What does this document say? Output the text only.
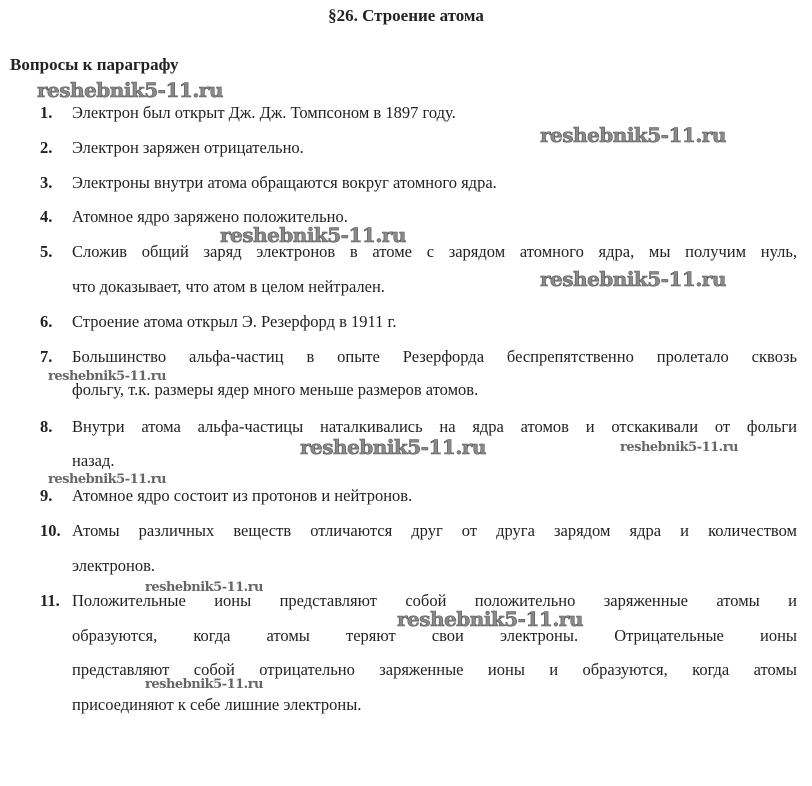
§26. Строение атома
Вопросы к параграфу
1. Электрон был открыт Дж. Дж. Томпсоном в 1897 году.
2. Электрон заряжен отрицательно.
3. Электроны внутри атома обращаются вокруг атомного ядра.
4. Атомное ядро заряжено положительно.
5. Сложив общий заряд электронов в атоме с зарядом атомного ядра, мы получим нуль,
что доказывает, что атом в целом нейтрален.
6. Строение атома открыл Э. Резерфорд в 1911 г.
7. Большинство альфа-частиц в опыте Резерфорда беспрепятственно пролетало сквозь
фольгу, т.к. размеры ядер много меньше размеров атомов.
8. Внутри атома альфа-частицы наталкивались на ядра атомов и отскакивали от фольги
назад.
9. Атомное ядро состоит из протонов и нейтронов.
10. Атомы различных веществ отличаются друг от друга зарядом ядра и количеством
электронов.
11. Положительные ионы представляют собой положительно заряженные атомы и
образуются, когда атомы теряют свои электроны. Отрицательные ионы
представляют собой отрицательно заряженные ионы и образуются, когда атомы
присоединяют к себе лишние электроны.
reshebnik5-11.ru
reshebnik5-11.ru
reshebnik5-11.ru
reshebnik5-11.ru
reshebnik5-11.ru
reshebnik5-11.ru	reshebnik5-11.ru
reshebnik5-11.ru
reshebnik5-11.ru
reshebnik5-11.ru
reshebnik5-11.ru
